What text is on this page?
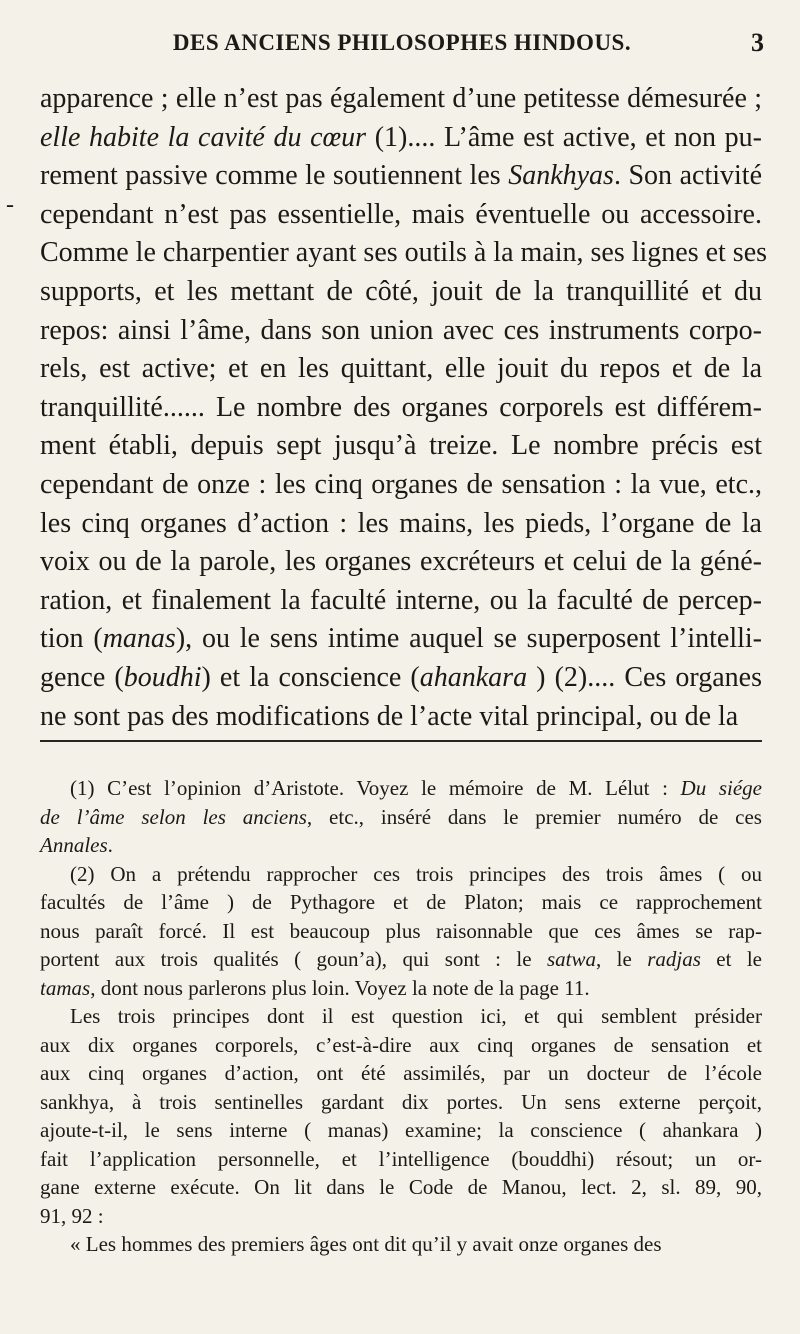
DES ANCIENS PHILOSOPHES HINDOUS.	3
-
apparence ; elle n’est pas également d’une petitesse démesurée ;
elle habite la cavité du cœur (1).... L’âme est active, et non pu-
rement passive comme le soutiennent les Sankhyas. Son activité
cependant n’est pas essentielle, mais éventuelle ou accessoire.
Comme le charpentier ayant ses outils à la main, ses lignes et ses
supports, et les mettant de côté, jouit de la tranquillité et du
repos: ainsi l’âme, dans son union avec ces instruments corpo-
rels, est active; et en les quittant, elle jouit du repos et de la
tranquillité...... Le nombre des organes corporels est différem-
ment établi, depuis sept jusqu’à treize. Le nombre précis est
cependant de onze : les cinq organes de sensation : la vue, etc.,
les cinq organes d’action : les mains, les pieds, l’organe de la
voix ou de la parole, les organes excréteurs et celui de la géné-
ration, et finalement la faculté interne, ou la faculté de percep-
tion (manas), ou le sens intime auquel se superposent l’intelli-
gence (boudhi) et la conscience (ahankara ) (2).... Ces organes
ne sont pas des modifications de l’acte vital principal, ou de la
(1) C’est l’opinion d’Aristote. Voyez le mémoire de M. Lélut : Du siége
de l’âme selon les anciens, etc., inséré dans le premier numéro de ces
Annales.
(2) On a prétendu rapprocher ces trois principes des trois âmes ( ou
facultés de l’âme ) de Pythagore et de Platon; mais ce rapprochement
nous paraît forcé. Il est beaucoup plus raisonnable que ces âmes se rap-
portent aux trois qualités ( goun’a), qui sont : le satwa, le radjas et le
tamas, dont nous parlerons plus loin. Voyez la note de la page 11.
Les trois principes dont il est question ici, et qui semblent présider
aux dix organes corporels, c’est-à-dire aux cinq organes de sensation et
aux cinq organes d’action, ont été assimilés, par un docteur de l’école
sankhya, à trois sentinelles gardant dix portes. Un sens externe perçoit,
ajoute-t-il, le sens interne ( manas) examine; la conscience ( ahankara )
fait l’application personnelle, et l’intelligence (bouddhi) résout; un or-
gane externe exécute. On lit dans le Code de Manou, lect. 2, sl. 89, 90,
91, 92 :
« Les hommes des premiers âges ont dit qu’il y avait onze organes des
